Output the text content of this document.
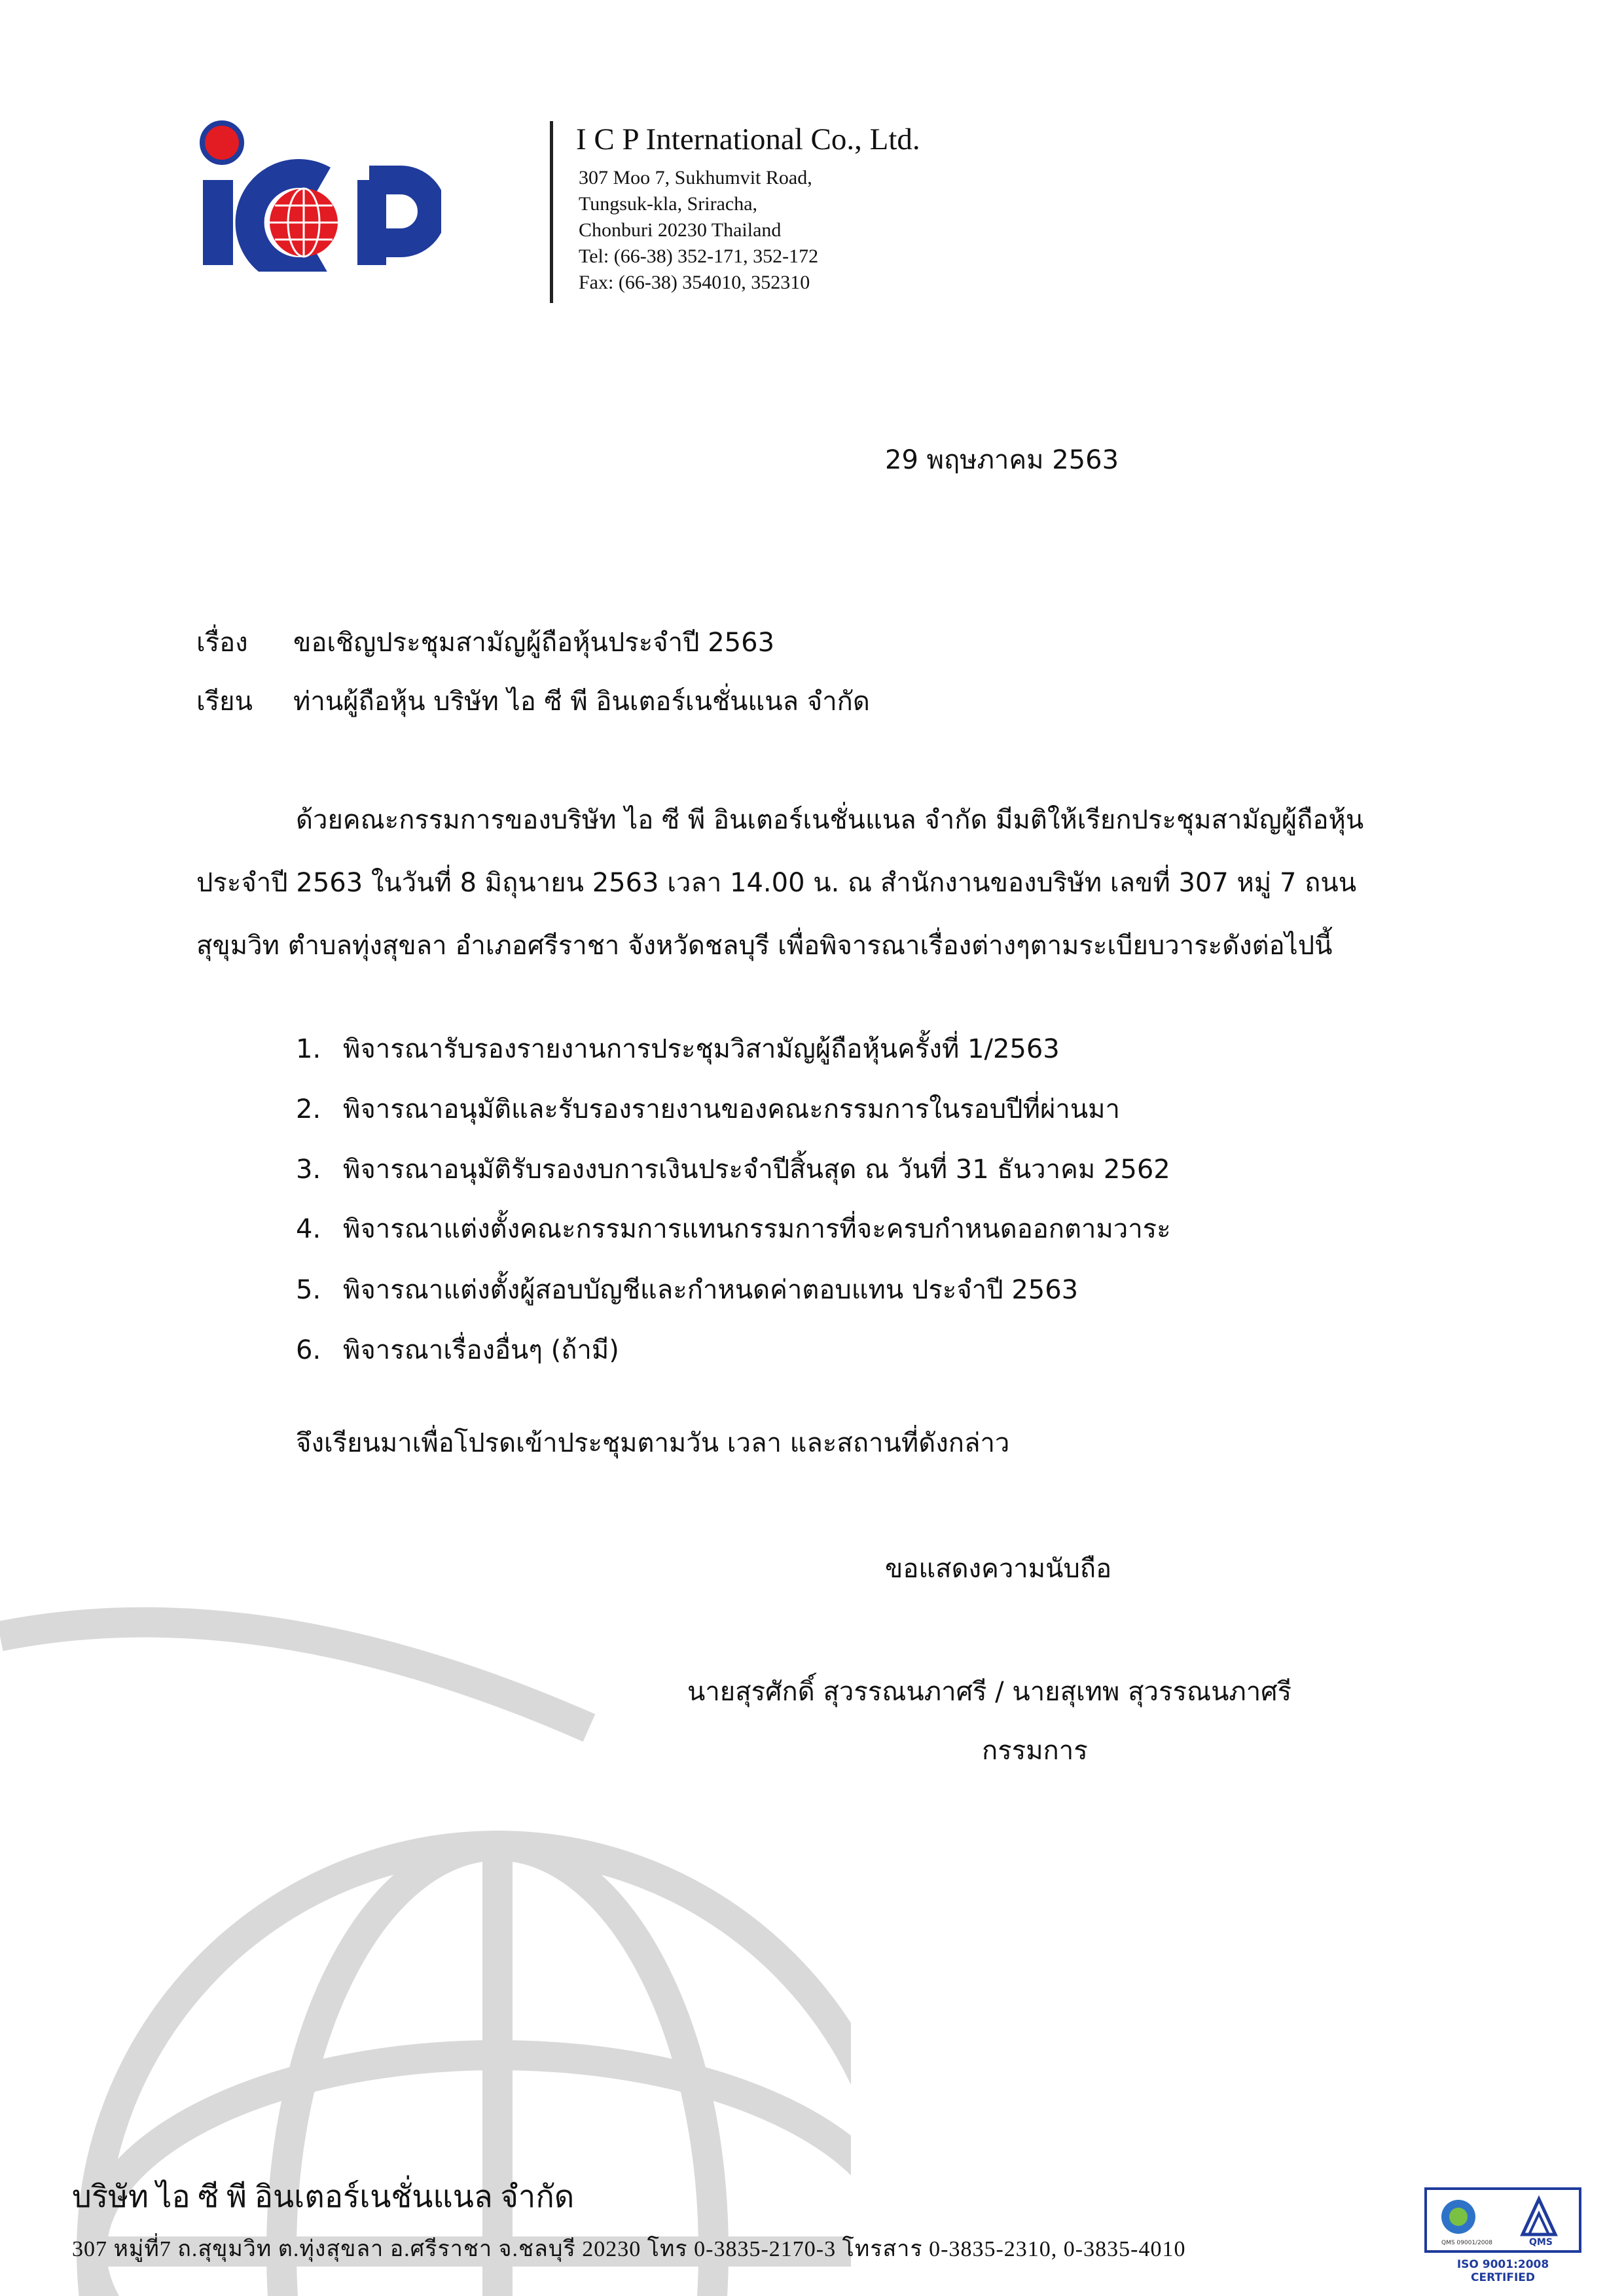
I C P International Co., Ltd.
307 Moo 7, Sukhumvit Road,
Tungsuk-kla, Sriracha,
Chonburi 20230 Thailand
Tel: (66-38) 352-171, 352-172
Fax: (66-38) 354010, 352310
29 พฤษภาคม 2563
เรื่อง ขอเชิญประชุมสามัญผู้ถือหุ้นประจำปี 2563
เรียน ท่านผู้ถือหุ้น บริษัท ไอ ซี พี อินเตอร์เนชั่นแนล จำกัด
ด้วยคณะกรรมการของบริษัท ไอ ซี พี อินเตอร์เนชั่นแนล จำกัด มีมติให้เรียกประชุมสามัญผู้ถือหุ้น
ประจำปี 2563 ในวันที่ 8 มิถุนายน 2563 เวลา 14.00 น. ณ สำนักงานของบริษัท เลขที่ 307 หมู่ 7 ถนน
สุขุมวิท ตำบลทุ่งสุขลา อำเภอศรีราชา จังหวัดชลบุรี เพื่อพิจารณาเรื่องต่างๆตามระเบียบวาระดังต่อไปนี้
1. พิจารณารับรองรายงานการประชุมวิสามัญผู้ถือหุ้นครั้งที่ 1/2563
2. พิจารณาอนุมัติและรับรองรายงานของคณะกรรมการในรอบปีที่ผ่านมา
3. พิจารณาอนุมัติรับรองงบการเงินประจำปีสิ้นสุด ณ วันที่ 31 ธันวาคม 2562
4. พิจารณาแต่งตั้งคณะกรรมการแทนกรรมการที่จะครบกำหนดออกตามวาระ
5. พิจารณาแต่งตั้งผู้สอบบัญชีและกำหนดค่าตอบแทน ประจำปี 2563
6. พิจารณาเรื่องอื่นๆ (ถ้ามี)
จึงเรียนมาเพื่อโปรดเข้าประชุมตามวัน เวลา และสถานที่ดังกล่าว
ขอแสดงความนับถือ
นายสุรศักดิ์ สุวรรณนภาศรี / นายสุเทพ สุวรรณนภาศรี
กรรมการ
บริษัท ไอ ซี พี อินเตอร์เนชั่นแนล จำกัด
307 หมู่ที่7 ถ.สุขุมวิท ต.ทุ่งสุขลา อ.ศรีราชา จ.ชลบุรี 20230 โทร 0-3835-2170-3 โทรสาร 0-3835-2310, 0-3835-4010	QMS 09001/2008	QMS
ISO 9001:2008
CERTIFIED
